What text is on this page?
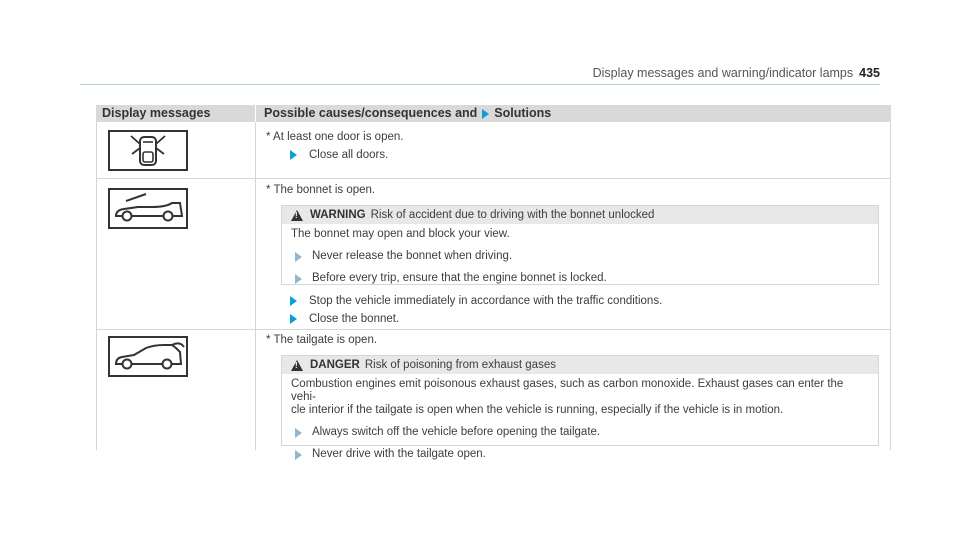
Display messages and warning/indicator lamps 435
Display messages	Possible causes/consequences and Solutions
* At least one door is open.
Close all doors.
* The bonnet is open.
!
WARNING Risk of accident due to driving with the bonnet unlocked
The bonnet may open and block your view.
Never release the bonnet when driving.
Before every trip, ensure that the engine bonnet is locked.
Stop the vehicle immediately in accordance with the traffic conditions.
Close the bonnet.
* The tailgate is open.
!
DANGER Risk of poisoning from exhaust gases
Combustion engines emit poisonous exhaust gases, such as carbon monoxide. Exhaust gases can enter the vehi-
cle interior if the tailgate is open when the vehicle is running, especially if the vehicle is in motion.
Always switch off the vehicle before opening the tailgate.
Never drive with the tailgate open.
